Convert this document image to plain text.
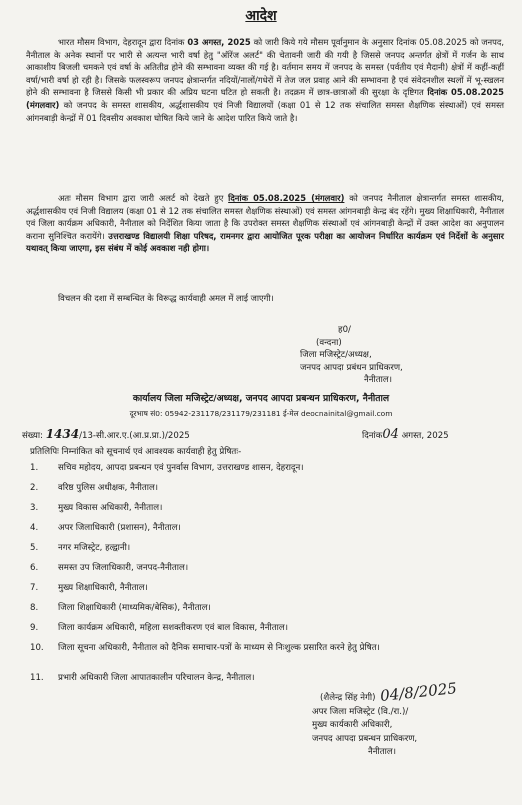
आदेश
भारत मौसम विभाग, देहरादून द्वारा दिनांक 03 अगस्त, 2025 को जारी किये गये मौसम पूर्वानुमान के अनुसार दिनांक 05.08.2025 को जनपद, नैनीताल के अनेक स्थानों पर भारी से अत्यन्त भारी वर्षा हेतु "ऑरेंज अलर्ट" की चेतावनी जारी की गयी है जिससे जनपद अन्तर्गत क्षेत्रों में गर्जन के साथ आकाशीय बिजली चमकने एवं वर्षा के अतितीव्र होने की सम्भावना व्यक्त की गई है। वर्तमान समय में जनपद के समस्त (पर्वतीय एवं मैदानी) क्षेत्रों में कहीं-कहीं वर्षा/भारी वर्षा हो रही है। जिसके फलस्वरूप जनपद क्षेत्रान्तर्गत नदियों/नालों/गधेरों में तेज जल प्रवाह आने की सम्भावना है एवं संवेदनशील स्थलों में भू-स्खलन होने की सम्भावना है जिससे किसी भी प्रकार की अप्रिय घटना घटित हो सकती है। तदक्रम में छात्र-छात्राओं की सुरक्षा के दृष्टिगत दिनांक 05.08.2025 (मंगलवार) को जनपद के समस्त शासकीय, अर्द्धशासकीय एवं निजी विद्यालयों (कक्षा 01 से 12 तक संचालित समस्त शैक्षणिक संस्थाओं) एवं समस्त आंगनबाड़ी केन्द्रों में 01 दिवसीय अवकाश घोषित किये जाने के आदेश पारित किये जाते है।
अतः मौसम विभाग द्वारा जारी अलर्ट को देखते हुए दिनांक 05.08.2025 (मंगलवार) को जनपद नैनीताल क्षेत्रान्तर्गत समस्त शासकीय, अर्द्धशासकीय एवं निजी विद्यालय (कक्षा 01 से 12 तक संचालित समस्त शैक्षणिक संस्थाओं) एवं समस्त आंगनबाड़ी केन्द्र बंद रहेंगे। मुख्य शिक्षाधिकारी, नैनीताल एवं जिला कार्यक्रम अधिकारी, नैनीताल को निर्देशित किया जाता है कि उपरोक्त समस्त शैक्षणिक संस्थाओं एवं आंगनबाड़ी केन्द्रों में उक्त आदेश का अनुपालन कराना सुनिश्चित करायेंगे। उत्तराखण्ड विद्यालयी शिक्षा परिषद, रामनगर द्वारा आयोजित पूरक परीक्षा का आयोजन निर्धारित कार्यक्रम एवं निर्देशों के अनुसार यथावत् किया जाएगा, इस संबंध में कोई अवकाश नही होगा।
विचलन की दशा में सम्बन्धित के विरूद्ध कार्यवाही अमल में लाई जाएगी।
ह0/
(वन्दना)
जिला मजिस्ट्रेट/अध्यक्ष,
जनपद आपदा प्रबंधन प्राधिकरण,
नैनीताल।
कार्यालय जिला मजिस्ट्रेट/अध्यक्ष, जनपद आपदा प्रबन्धन प्राधिकरण, नैनीताल
दूरभाष सं0: 05942-231178/231179/231181 ई-मेल deocnainital@gmail.com
संख्या: 1434/13-सी.आर.ए.(आ.प्र.प्रा.)/2025	दिनांक04 अगस्त, 2025
प्रतिलिपिः निम्नांकित को सूचनार्थ एवं आवश्यक कार्यवाही हेतु प्रेषितः-
1.	सचिव महोदय, आपदा प्रबन्धन एवं पुनर्वास विभाग, उत्तराखण्ड शासन, देहरादून।
2.	वरिष्ठ पुलिस अधीक्षक, नैनीताल।
3.	मुख्य विकास अधिकारी, नैनीताल।
4.	अपर जिलाधिकारी (प्रशासन), नैनीताल।
5.	नगर मजिस्ट्रेट, हल्द्वानी।
6.	समस्त उप जिलाधिकारी, जनपद-नैनीताल।
7.	मुख्य शिक्षाधिकारी, नैनीताल।
8.	जिला शिक्षाधिकारी (माध्यमिक/बेसिक), नैनीताल।
9.	जिला कार्यक्रम अधिकारी, महिला सशक्तीकरण एवं बाल विकास, नैनीताल।
10.	जिला सूचना अधिकारी, नैनीताल को दैनिक समाचार-पत्रों के माध्यम से निःशुल्क प्रसारित करने हेतु प्रेषित।
11.	प्रभारी अधिकारी जिला आपातकालीन परिचालन केन्द्र, नैनीताल।
04/8/2025
(शैलेन्द्र सिंह नेगी)
अपर जिला मजिस्ट्रेट (वि./रा.)/
मुख्य कार्यकारी अधिकारी,
जनपद आपदा प्रबन्धन प्राधिकरण,
नैनीताल।
